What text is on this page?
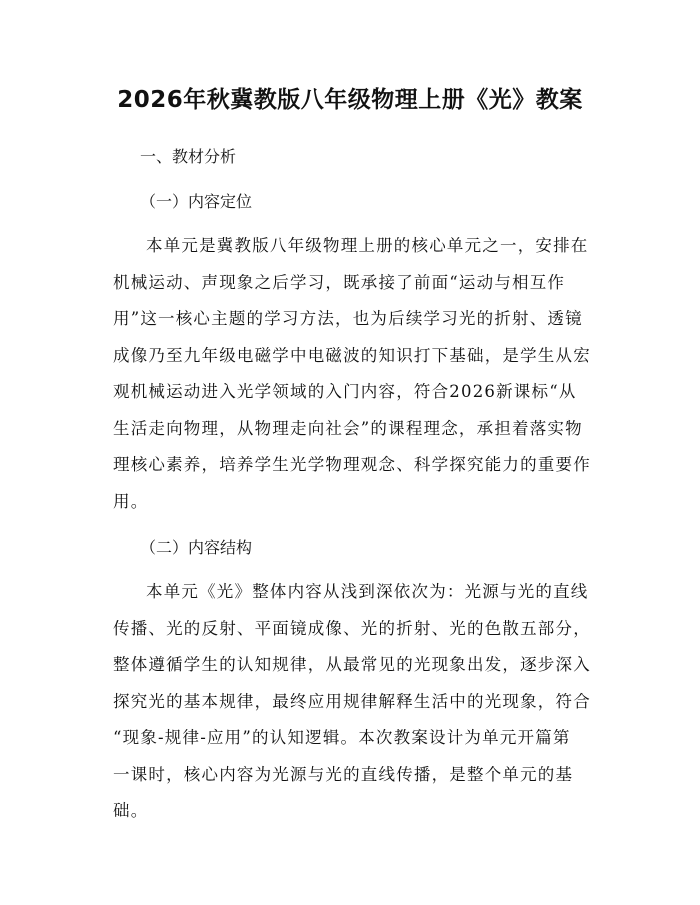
2026年秋冀教版八年级物理上册《光》教案

一、教材分析

（一）内容定位

本单元是冀教版八年级物理上册的核心单元之一，安排在
机械运动、声现象之后学习，既承接了前面“运动与相互作
用”这一核心主题的学习方法，也为后续学习光的折射、透镜
成像乃至九年级电磁学中电磁波的知识打下基础，是学生从宏
观机械运动进入光学领域的入门内容，符合2026新课标“从
生活走向物理，从物理走向社会”的课程理念，承担着落实物
理核心素养，培养学生光学物理观念、科学探究能力的重要作
用。

（二）内容结构

本单元《光》整体内容从浅到深依次为：光源与光的直线
传播、光的反射、平面镜成像、光的折射、光的色散五部分，
整体遵循学生的认知规律，从最常见的光现象出发，逐步深入
探究光的基本规律，最终应用规律解释生活中的光现象，符合
“现象-规律-应用”的认知逻辑。本次教案设计为单元开篇第
一课时，核心内容为光源与光的直线传播，是整个单元的基
础。
